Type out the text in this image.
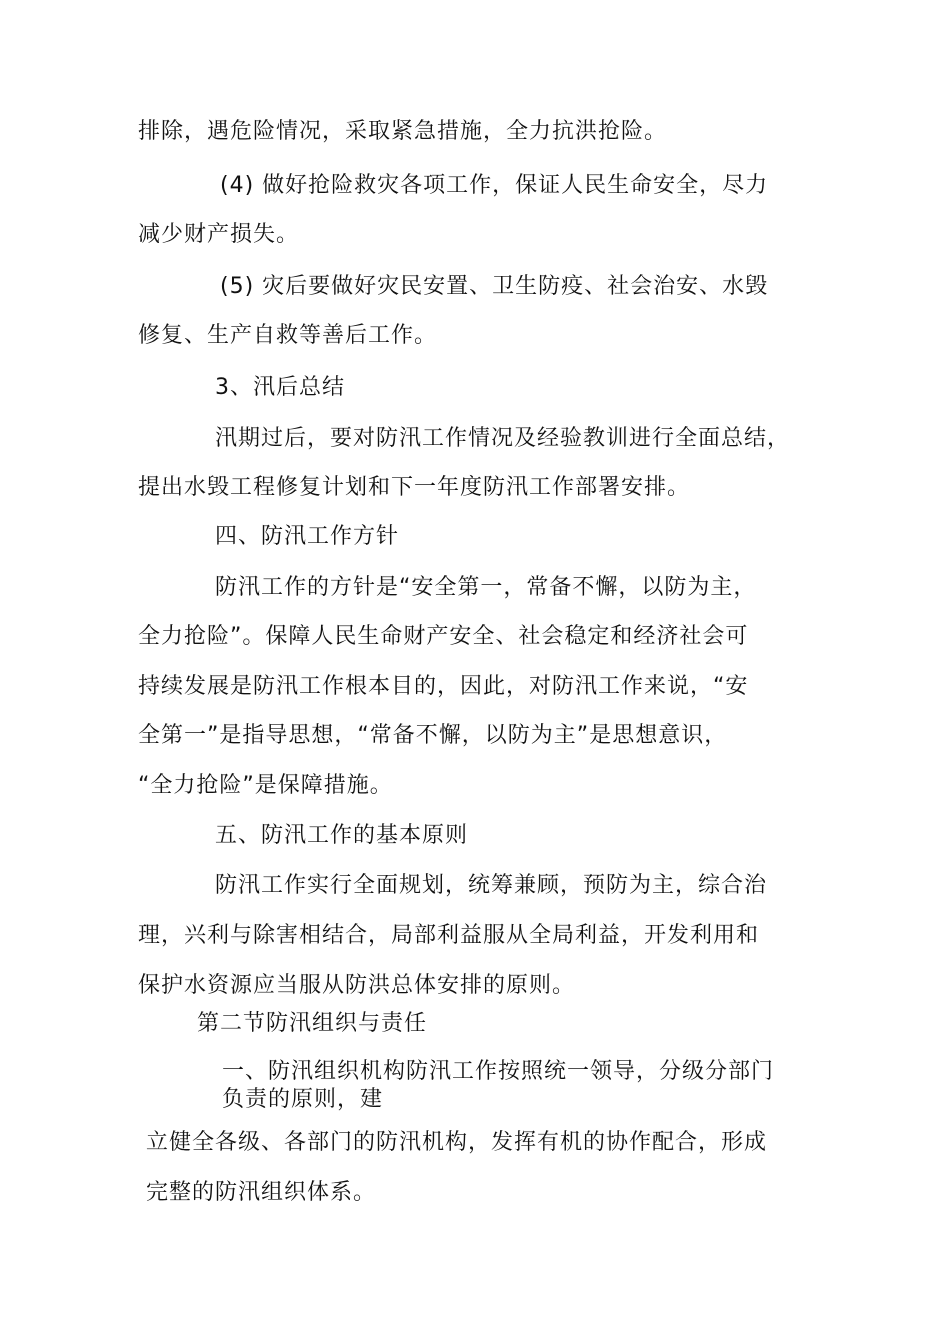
排除，遇危险情况，采取紧急措施，全力抗洪抢险。
(4) 做好抢险救灾各项工作，保证人民生命安全，尽力
减少财产损失。
(5) 灾后要做好灾民安置、卫生防疫、社会治安、水毁
修复、生产自救等善后工作。
3、汛后总结
汛期过后，要对防汛工作情况及经验教训进行全面总结，
提出水毁工程修复计划和下一年度防汛工作部署安排。
四、防汛工作方针
防汛工作的方针是“安全第一，常备不懈，以防为主，
全力抢险”。保障人民生命财产安全、社会稳定和经济社会可
持续发展是防汛工作根本目的，因此，对防汛工作来说，“安
全第一”是指导思想，“常备不懈，以防为主”是思想意识，
“全力抢险”是保障措施。
五、防汛工作的基本原则
防汛工作实行全面规划，统筹兼顾，预防为主，综合治
理，兴利与除害相结合，局部利益服从全局利益，开发利用和
保护水资源应当服从防洪总体安排的原则。
第二节防汛组织与责任
一、防汛组织机构防汛工作按照统一领导，分级分部门
负责的原则，建
立健全各级、各部门的防汛机构，发挥有机的协作配合，形成
完整的防汛组织体系。
